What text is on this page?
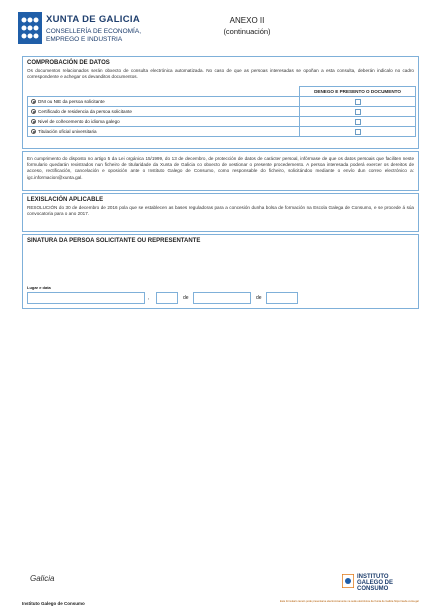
XUNTA DE GALICIA
CONSELLERÍA DE ECONOMÍA,
EMPREGO E INDUSTRIA
ANEXO II
(continuación)
COMPROBACIÓN DE DATOS
Os documentos relacionados serán obxecto de consulta electrónica automatizada. No caso de que as persoas interesadas se opoñan a esta consulta, deberán indicalo no cadro correspondente e achegar os devanditos documentos.
	DENEGO E PRESENTO O DOCUMENTO
DNI ou NIE da persoa solicitante	
Certificado de residencia da persoa solicitante	
Nivel de coñecemento do idioma galego	
Titulación oficial universitaria	
En cumprimento do disposto no artigo 5 da Lei orgánica 15/1999, do 13 de decembro, de protección de datos de carácter persoal, infórmase de que os datos persoais que faciliten neste formulario quedarán rexistrados nun ficheiro de titularidade da Xunta de Galicia co obxecto de xestionar o presente procedemento. A persoa interesada poderá exercer os dereitos de acceso, rectificación, cancelación e oposición ante o Instituto Galego de Consumo, como responsable do ficheiro, solicitándoo mediante o envío dun correo electrónico a: igc.informacion@xunta.gal.
LEXISLACIÓN APLICABLE
RESOLUCIÓN do 30 de decembro de 2016 pola que se establecen as bases reguladoras para a concesión dunha bolsa de formación na Escola Galega de Consumo, e se procede á súa convocatoria para o ano 2017.
SINATURA DA PERSOA SOLICITANTE OU REPRESENTANTE
Lugar e data
,	de	de
Galicia
Instituto Galego de Consumo
INSTITUTO
GALEGO DE
CONSUMO
Este formulario tamén pode presentarse electronicamente na sede electrónica da Xunta de Galicia https://sede.xunta.gal
